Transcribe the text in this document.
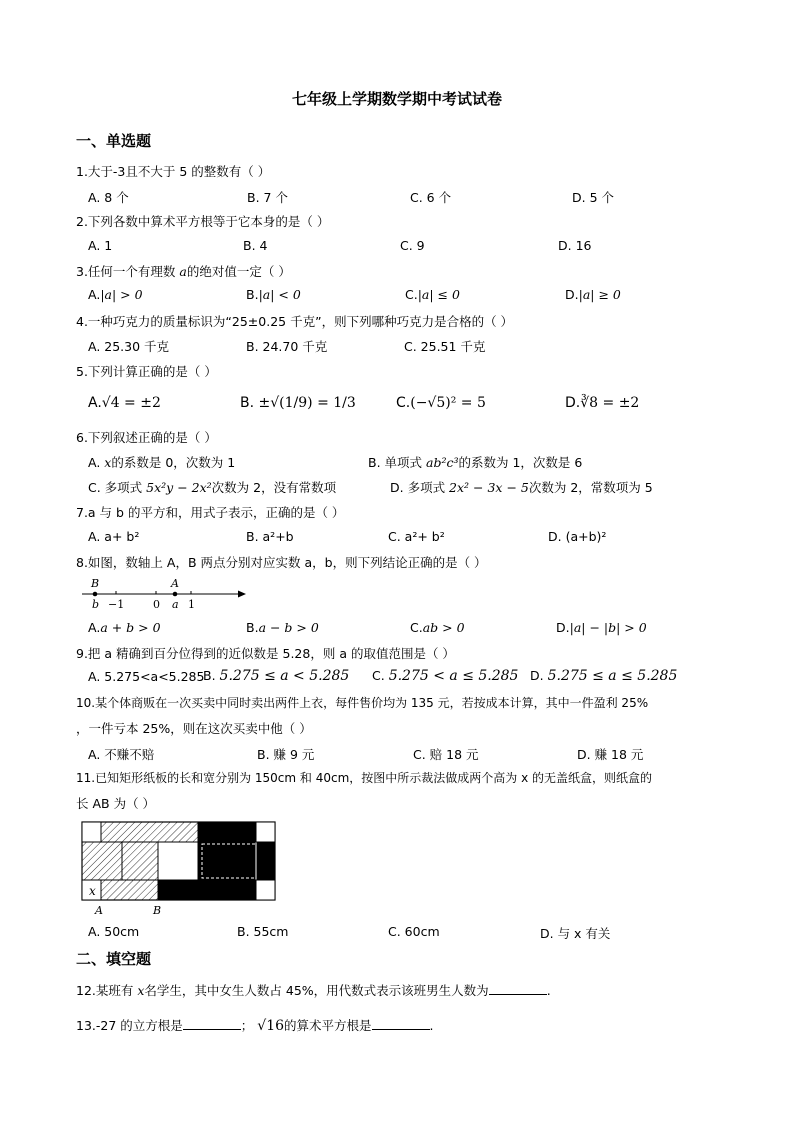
七年级上学期数学期中考试试卷
一、单选题
1.大于-3且不大于 5 的整数有（ ）
A. 8 个	B. 7 个	C. 6 个	D. 5 个
2.下列各数中算术平方根等于它本身的是（ ）
A. 1	B. 4	C. 9	D. 16
3.任何一个有理数 a的绝对值一定（ ）
A.|a| > 0	B.|a| < 0	C.|a| ≤ 0	D.|a| ≥ 0
4.一种巧克力的质量标识为“25±0.25 千克”，则下列哪种巧克力是合格的（ ）
A. 25.30 千克	B. 24.70 千克	C. 25.51 千克
5.下列计算正确的是（ ）
A.√4 = ±2	B. ±√(1/9) = 1/3	C.(−√5)² = 5	D.∛8 = ±2
6.下列叙述正确的是（ ）
A. x的系数是 0，次数为 1	B. 单项式 ab²c³的系数为 1，次数是 6
C. 多项式 5x²y − 2x²次数为 2，没有常数项	D. 多项式 2x² − 3x − 5次数为 2，常数项为 5
7.a 与 b 的平方和，用式子表示，正确的是（ ）
A. a+ b²	B. a²+b	C. a²+ b²	D. (a+b)²
8.如图，数轴上 A，B 两点分别对应实数 a，b，则下列结论正确的是（ ）
B	A
b −1	0 a 1
A.a + b > 0	B.a − b > 0	C.ab > 0	D.|a| − |b| > 0
9.把 a 精确到百分位得到的近似数是 5.28，则 a 的取值范围是（ ）
A. 5.275<a<5.285
B. 5.275 ≤ a < 5.285 C. 5.275 < a ≤ 5.285 D. 5.275 ≤ a ≤ 5.285
10.某个体商贩在一次买卖中同时卖出两件上衣，每件售价均为 135 元，若按成本计算，其中一件盈利 25%
，一件亏本 25%，则在这次买卖中他（ ）
A. 不赚不赔	B. 赚 9 元	C. 赔 18 元	D. 赚 18 元
11.已知矩形纸板的长和宽分别为 150cm 和 40cm，按图中所示裁法做成两个高为 x 的无盖纸盒，则纸盒的
长 AB 为（ ）
x
A	B
A. 50cm	B. 55cm	C. 60cm	D. 与 x 有关
二、填空题
12.某班有 x名学生，其中女生人数占 45%，用代数式表示该班男生人数为	.
13.-27 的立方根是	； √16的算术平方根是	.
